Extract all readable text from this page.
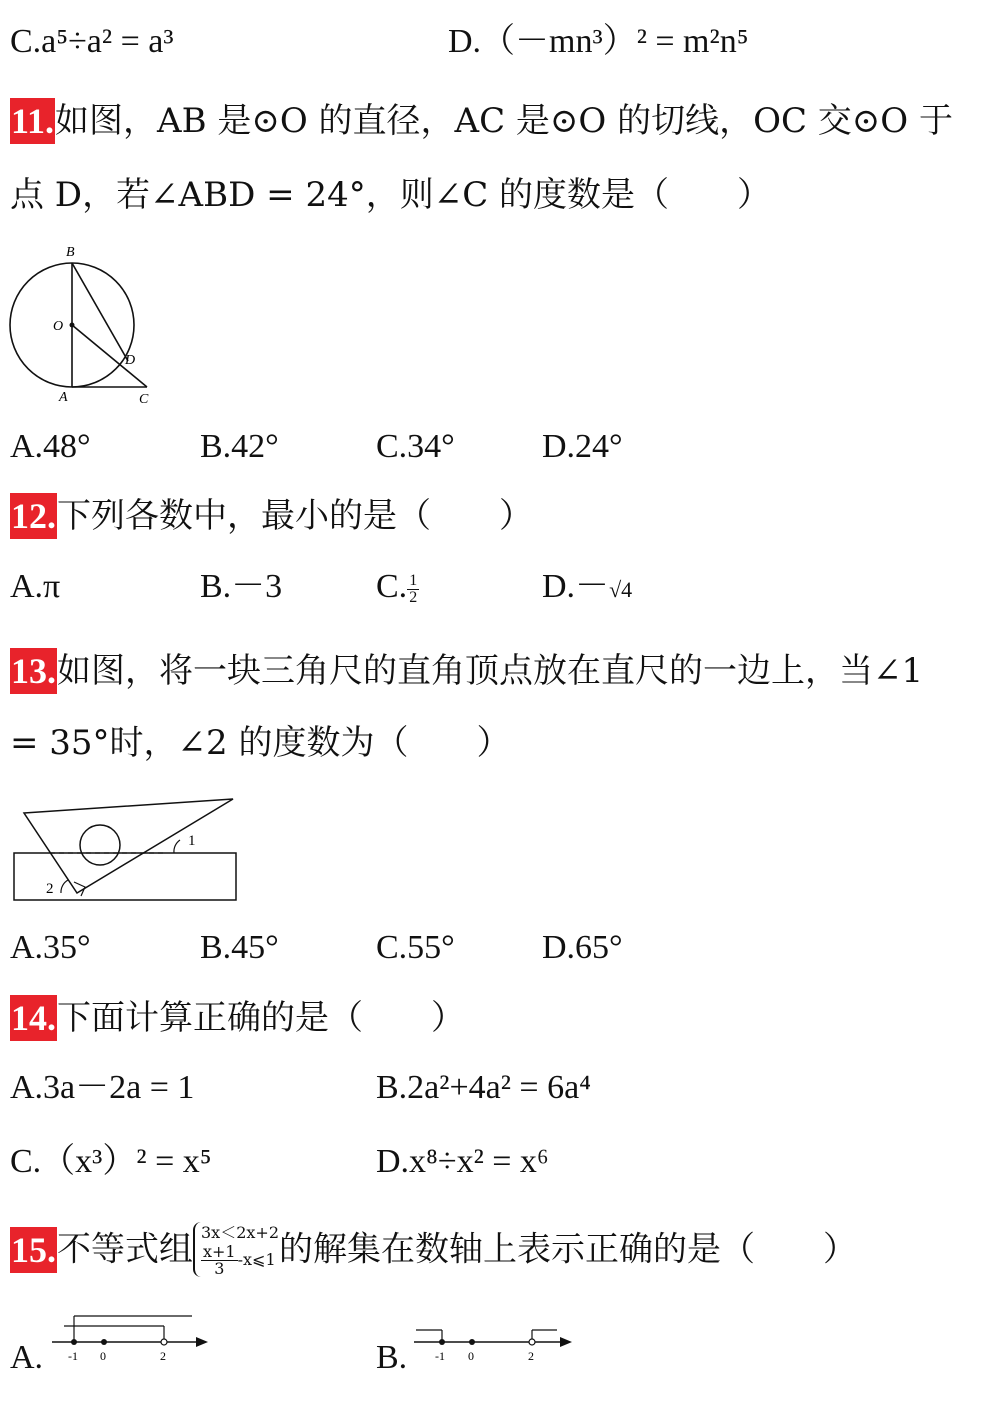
C.a⁵÷a² = a³	D.（－mn³）² = m²n⁵
11.如图，AB 是⊙O 的直径，AC 是⊙O 的切线，OC 交⊙O 于
点 D，若∠ABD = 24°，则∠C 的度数是（　　）
B
O
D
A	C
A.48°	B.42°	C.34°	D.24°
12.下列各数中，最小的是（　　）
A.π	B.－3	C. $\frac{1}{2}$	D.－√4
13.如图，将一块三角尺的直角顶点放在直尺的一边上，当∠1
= 35°时，∠2 的度数为（　　）
1
2
A.35°	B.45°	C.55°	D.65°
14.下面计算正确的是（　　）
A.3a－2a = 1	B.2a²+4a² = 6a⁴
C.（x³）² = x⁵	D.x⁸÷x² = x⁶
15.不等式组 3x＜2x+2
$\frac{x+1}{3}$ -x⩽1 的解集在数轴上表示正确的是（　　）
A. -1 0	2	B. -1 0	2
